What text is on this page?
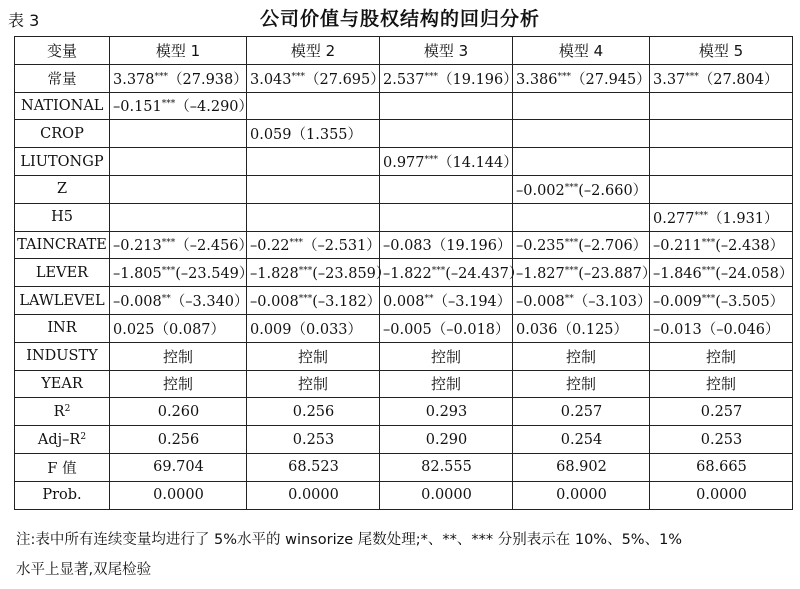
表 3	公司价值与股权结构的回归分析
变量	模型 1	模型 2	模型 3	模型 4	模型 5
常量	3.378***（27.938）	3.043***（27.695）	2.537***（19.196）	3.386***（27.945）	3.37***（27.804）
NATIONAL	–0.151***（–4.290）				
CROP		0.059（1.355）			
LIUTONGP			0.977***（14.144）		
Z				–0.002***(–2.660）	
H5					0.277***（1.931）
TAINCRATE	–0.213***（–2.456）	–0.22***（–2.531）	–0.083（19.196）	–0.235***(–2.706）	–0.211***(–2.438）
LEVER	–1.805***(–23.549）	–1.828***(–23.859）	–1.822***(–24.437）	–1.827***(–23.887）	–1.846***(–24.058）
LAWLEVEL	–0.008**（–3.340）	–0.008***(–3.182）	0.008**（–3.194）	–0.008**（–3.103）	–0.009***(–3.505）
INR	0.025（0.087）	0.009（0.033）	–0.005（–0.018）	0.036（0.125）	–0.013（–0.046）
INDUSTY	控制	控制	控制	控制	控制
YEAR	控制	控制	控制	控制	控制
$R^2$	0.260	0.256	0.293	0.257	0.257
Adj–$R^2$	0.256	0.253	0.290	0.254	0.253
F 值	69.704	68.523	82.555	68.902	68.665
Prob.	0.0000	0.0000	0.0000	0.0000	0.0000
注:表中所有连续变量均进行了 5%水平的 winsorize 尾数处理;*、**、*** 分别表示在 10%、5%、1%
水平上显著,双尾检验
